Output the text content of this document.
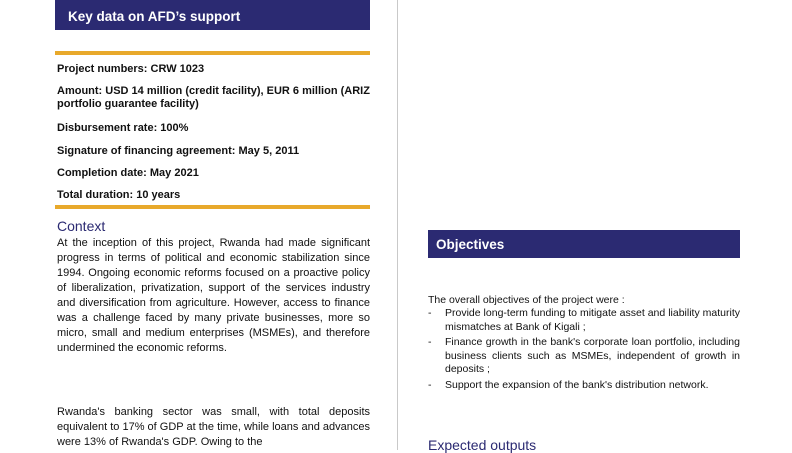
Key data on AFD’s support
Project numbers: CRW 1023
Amount: USD 14 million (credit facility), EUR 6 million (ARIZ portfolio guarantee facility)
Disbursement rate: 100%
Signature of financing agreement: May 5, 2011
Completion date: May 2021
Total duration: 10 years
Context

At the inception of this project, Rwanda had made significant progress in terms of political and economic stabilization since 1994. Ongoing economic reforms focused on a proactive policy of liberalization, privatization, support of the services industry and diversification from agriculture. However, access to finance was a challenge faced by many private businesses, more so micro, small and medium enterprises (MSMEs), and therefore undermined the economic reforms.

Rwanda's banking sector was small, with total deposits equivalent to 17% of GDP at the time, while loans and advances were 13% of Rwanda's GDP. Owing to the

Objectives
The overall objectives of the project were :
- Provide long-term funding to mitigate asset and liability maturity mismatches at Bank of Kigali ;
- Finance growth in the bank's corporate loan portfolio, including business clients such as MSMEs, independent of growth in deposits ;
- Support the expansion of the bank's distribution network.
Expected outputs
